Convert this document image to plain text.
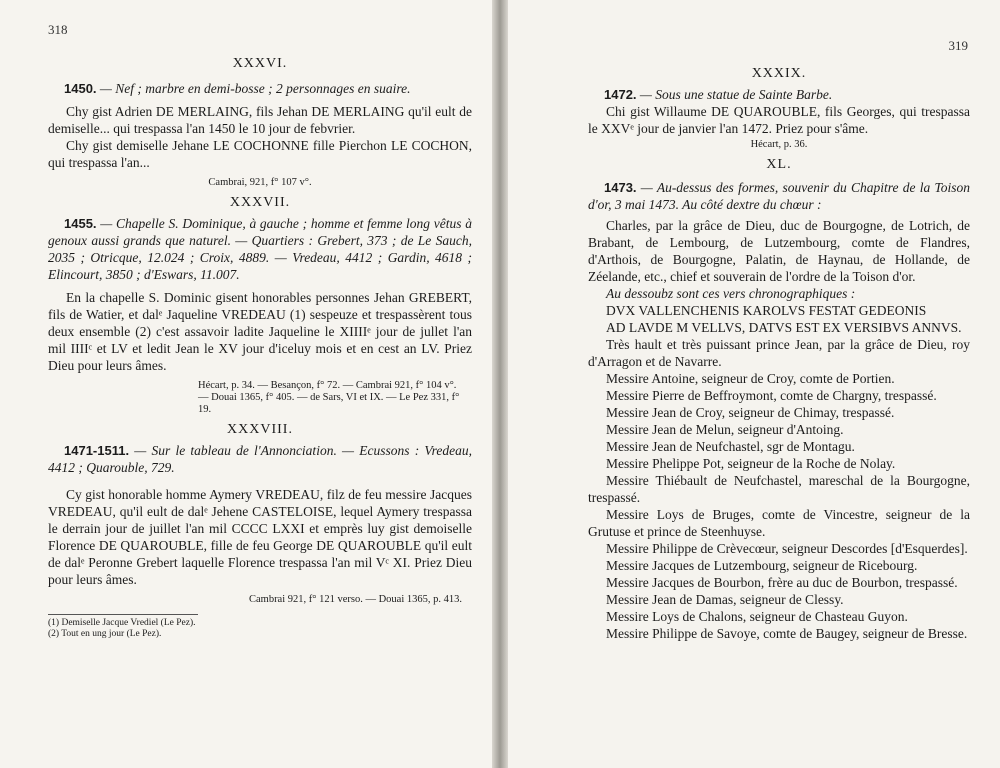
318
XXXVI.

1450. — Nef ; marbre en demi-bosse ; 2 personnages en suaire.

Chy gist Adrien DE MERLAING, fils Jehan DE MERLAING qu'il eult de demiselle... qui trespassa l'an 1450 le 10 jour de febvrier.

Chy gist demiselle Jehane LE COCHONNE fille Pierchon LE COCHON, qui trespassa l'an...

Cambrai, 921, f° 107 v°.
XXXVII.

1455. — Chapelle S. Dominique, à gauche ; homme et femme long vêtus à genoux aussi grands que naturel. — Quartiers : Grebert, 373 ; de Le Sauch, 2035 ; Otricque, 12.024 ; Croix, 4889. — Vredeau, 4412 ; Gardin, 4618 ; Elincourt, 3850 ; d'Eswars, 11.007.

En la chapelle S. Dominic gisent honorables personnes Jehan GREBERT, fils de Watier, et dalᵉ Jaqueline VREDEAU (1) sespeuze et trespassèrent tous deux ensemble (2) c'est assavoir ladite Jaqueline le XIIIIᵉ jour de jullet l'an mil IIIIᶜ et LV et ledit Jean le XV jour d'iceluy mois et en cest an LV. Priez Dieu pour leurs âmes.

Hécart, p. 34. — Besançon, f° 72. — Cambrai 921, f° 104 v°. — Douai 1365, f° 405. — de Sars, VI et IX. — Le Pez 331, f° 19.
XXXVIII.

1471-1511. — Sur le tableau de l'Annonciation. — Ecussons : Vredeau, 4412 ; Quarouble, 729.

Cy gist honorable homme Aymery VREDEAU, filz de feu messire Jacques VREDEAU, qu'il eult de dalᵉ Jehene CASTELOISE, lequel Aymery trespassa le derrain jour de juillet l'an mil CCCC LXXI et emprès luy gist demoiselle Florence DE QUAROUBLE, fille de feu George DE QUAROUBLE qu'il eult de dalᵉ Peronne Grebert laquelle Florence trespassa l'an mil Vᶜ XI. Priez Dieu pour leurs âmes.

Cambrai 921, f° 121 verso. — Douai 1365, p. 413.
(1) Demiselle Jacque Vrediel (Le Pez).
(2) Tout en ung jour (Le Pez).
319
XXXIX.

1472. — Sous une statue de Sainte Barbe.

Chi gist Willaume DE QUAROUBLE, fils Georges, qui trespassa le XXVᵉ jour de janvier l'an 1472. Priez pour s'âme.

Hécart, p. 36.
XL.

1473. — Au-dessus des formes, souvenir du Chapitre de la Toison d'or, 3 mai 1473. Au côté dextre du chœur :

Charles, par la grâce de Dieu, duc de Bourgogne, de Lotrich, de Brabant, de Lembourg, de Lutzembourg, comte de Flandres, d'Arthois, de Bourgogne, Palatin, de Haynau, de Hollande, de Zéelande, etc., chief et souverain de l'ordre de la Toison d'or.

Au dessoubz sont ces vers chronographiques :

DVX VALLENCHENIS KAROLVS FESTAT GEDEONIS

AD LAVDE M VELLVS, DATVS EST EX VERSIBVS ANNVS.

Très hault et très puissant prince Jean, par la grâce de Dieu, roy d'Arragon et de Navarre.

Messire Antoine, seigneur de Croy, comte de Portien.

Messire Pierre de Beffroymont, comte de Chargny, trespassé.

Messire Jean de Croy, seigneur de Chimay, trespassé.

Messire Jean de Melun, seigneur d'Antoing.

Messire Jean de Neufchastel, sgr de Montagu.

Messire Phelippe Pot, seigneur de la Roche de Nolay.

Messire Thiébault de Neufchastel, mareschal de la Bourgogne, trespassé.

Messire Loys de Bruges, comte de Vincestre, seigneur de la Grutuse et prince de Steenhuyse.

Messire Philippe de Crèvecœur, seigneur Descordes [d'Esquerdes].

Messire Jacques de Lutzembourg, seigneur de Ricebourg.

Messire Jacques de Bourbon, frère au duc de Bourbon, trespassé.

Messire Jean de Damas, seigneur de Clessy.

Messire Loys de Chalons, seigneur de Chasteau Guyon.

Messire Philippe de Savoye, comte de Baugey, seigneur de Bresse.
